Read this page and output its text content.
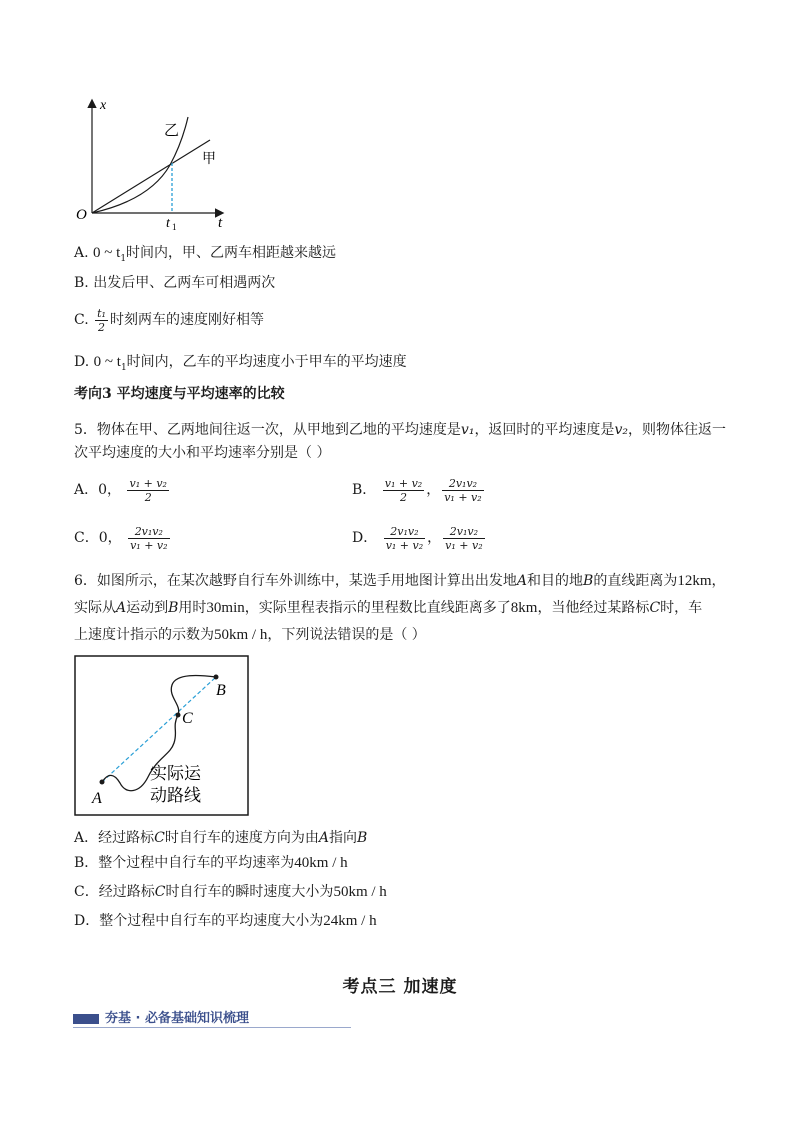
x
t
O
t 1
乙
甲
A. 0 ~ $t_1$时间内，甲、乙两车相距越来越远
B. 出发后甲、乙两车可相遇两次
C. $\frac{\text{t₁}}{2}$ 时刻两车的速度刚好相等
D. 0 ~ $t_1$时间内，乙车的平均速度小于甲车的平均速度
考向3 平均速度与平均速率的比较
5．物体在甲、乙两地间往返一次，从甲地到乙地的平均速度是v₁，返回时的平均速度是v₂，则物体往返一
次平均速度的大小和平均速率分别是（ ）
A．0， $\frac{\text{v₁ + v₂}}{2}$	B． $\frac{\text{v₁ + v₂}}{2}$ ， $\frac{\text{2v₁v₂}}{\text{v₁ + v₂}}$
C．0， $\frac{\text{2v₁v₂}}{\text{v₁ + v₂}}$	D． $\frac{\text{2v₁v₂}}{\text{v₁ + v₂}}$ ， $\frac{\text{2v₁v₂}}{\text{v₁ + v₂}}$
6．如图所示，在某次越野自行车外训练中，某选手用地图计算出出发地A和目的地B的直线距离为12km，
实际从A运动到B用时30min，实际里程表指示的里程数比直线距离多了8km，当他经过某路标C时，车
上速度计指示的示数为50km / h，下列说法错误的是（ ）
B
C
A
实际运
动路线
A．经过路标C时自行车的速度方向为由A指向B
B．整个过程中自行车的平均速率为40km / h
C．经过路标C时自行车的瞬时速度大小为50km / h
D．整个过程中自行车的平均速度大小为24km / h
考点三 加速度
夯基 · 必备基础知识梳理
